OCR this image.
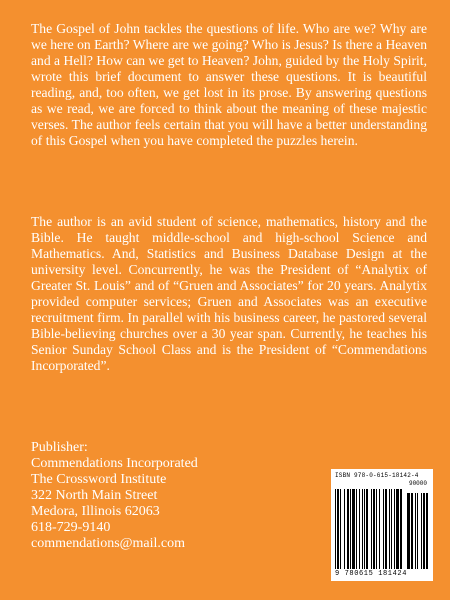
The Gospel of John tackles the questions of life. Who are we? Why are we here on Earth? Where are we going? Who is Jesus? Is there a Heaven and a Hell? How can we get to Heaven? John, guided by the Holy Spirit, wrote this brief document to answer these questions. It is beautiful reading, and, too often, we get lost in its prose. By answering questions as we read, we are forced to think about the meaning of these majestic verses. The author feels certain that you will have a better understanding of this Gospel when you have completed the puzzles herein.

The author is an avid student of science, mathematics, history and the Bible. He taught middle-school and high-school Science and Mathematics. And, Statistics and Business Database Design at the university level. Concurrently, he was the President of “Analytix of Greater St. Louis” and of “Gruen and Associates” for 20 years. Analytix provided computer services; Gruen and Associates was an executive recruitment firm. In parallel with his business career, he pastored several Bible-believing churches over a 30 year span. Currently, he teaches his Senior Sunday School Class and is the President of “Commendations Incorporated”.

Publisher:
Commendations Incorporated
The Crossword Institute
322 North Main Street
Medora, Illinois 62063
618-729-9140
commendations@mail.com
ISBN 978-0-615-18142-4
90000
9 780615 181424
